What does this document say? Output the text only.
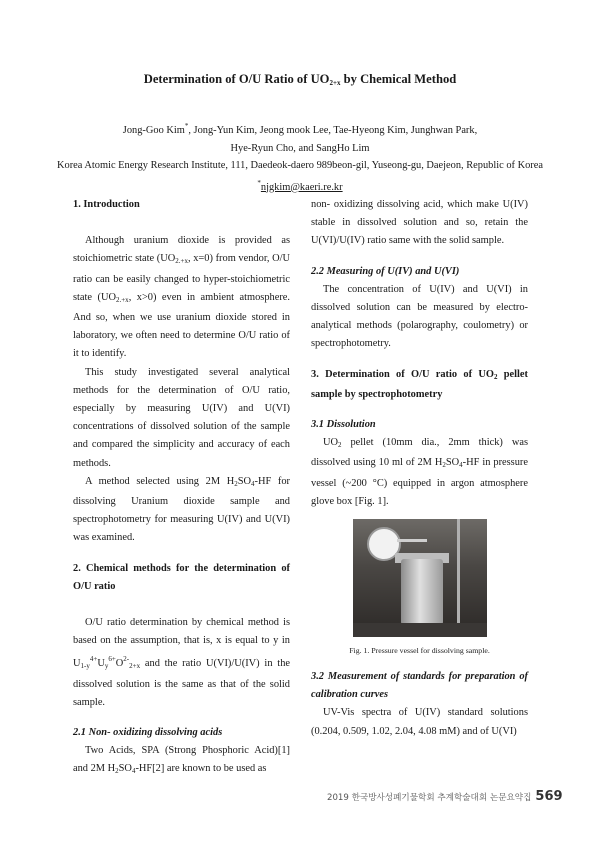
Determination of O/U Ratio of $UO_{2+x}$ by Chemical Method
Jong-Goo Kim*, Jong-Yun Kim, Jeong mook Lee, Tae-Hyeong Kim, Junghwan Park,
Hye-Ryun Cho, and SangHo Lim
Korea Atomic Energy Research Institute, 111, Daedeok-daero 989beon-gil, Yuseong-gu, Daejeon, Republic of Korea
*njgkim@kaeri.re.kr

1. Introduction

Although uranium dioxide is provided as stoichiometric state ($UO_{2.+x}$, x=0) from vendor, O/U ratio can be easily changed to hyper-stoichiometric state ($UO_{2.+x}$, x>0) even in ambient atmosphere. And so, when we use uranium dioxide stored in laboratory, we often need to determine O/U ratio of it to identify.

This study investigated several analytical methods for the determination of O/U ratio, especially by measuring U(IV) and U(VI) concentrations of dissolved solution of the sample and compared the simplicity and accuracy of each methods.

A method selected using 2M $H_2SO_4-HF$ for dissolving Uranium dioxide sample and spectrophotometry for measuring U(IV) and U(VI) was examined.

2. Chemical methods for the determination of O/U ratio

O/U ratio determination by chemical method is based on the assumption, that is, x is equal to y in $U_{1-y}^{4+}U_y^{6+}O^{2-}_{2+x}$ and the ratio U(VI)/U(IV) in the dissolved solution is the same as that of the solid sample.

2.1 Non- oxidizing dissolving acids

Two Acids, SPA (Strong Phosphoric Acid)[1] and 2M $H_2SO_4-HF[2]$ are known to be used as

non- oxidizing dissolving acid, which make U(IV) stable in dissolved solution and so, retain the U(VI)/U(IV) ratio same with the solid sample.

2.2 Measuring of U(IV) and U(VI)

The concentration of U(IV) and U(VI) in dissolved solution can be measured by electro-analytical methods (polarography, coulometry) or spectrophotometry.

3. Determination of O/U ratio of $UO_2$ pellet sample by spectrophotometry

3.1 Dissolution

$UO_2$ pellet (10mm dia., 2mm thick) was dissolved using 10 ml of 2M $H_2SO_4-HF$ in pressure vessel (~200 °C) equipped in argon atmosphere glove box [Fig. 1].

Fig. 1. Pressure vessel for dissolving sample.

3.2 Measurement of standards for preparation of calibration curves

UV-Vis spectra of U(IV) standard solutions (0.204, 0.509, 1.02, 2.04, 4.08 mM) and of U(VI)

2019 한국방사성폐기물학회 추계학술대회 논문요약집 569
